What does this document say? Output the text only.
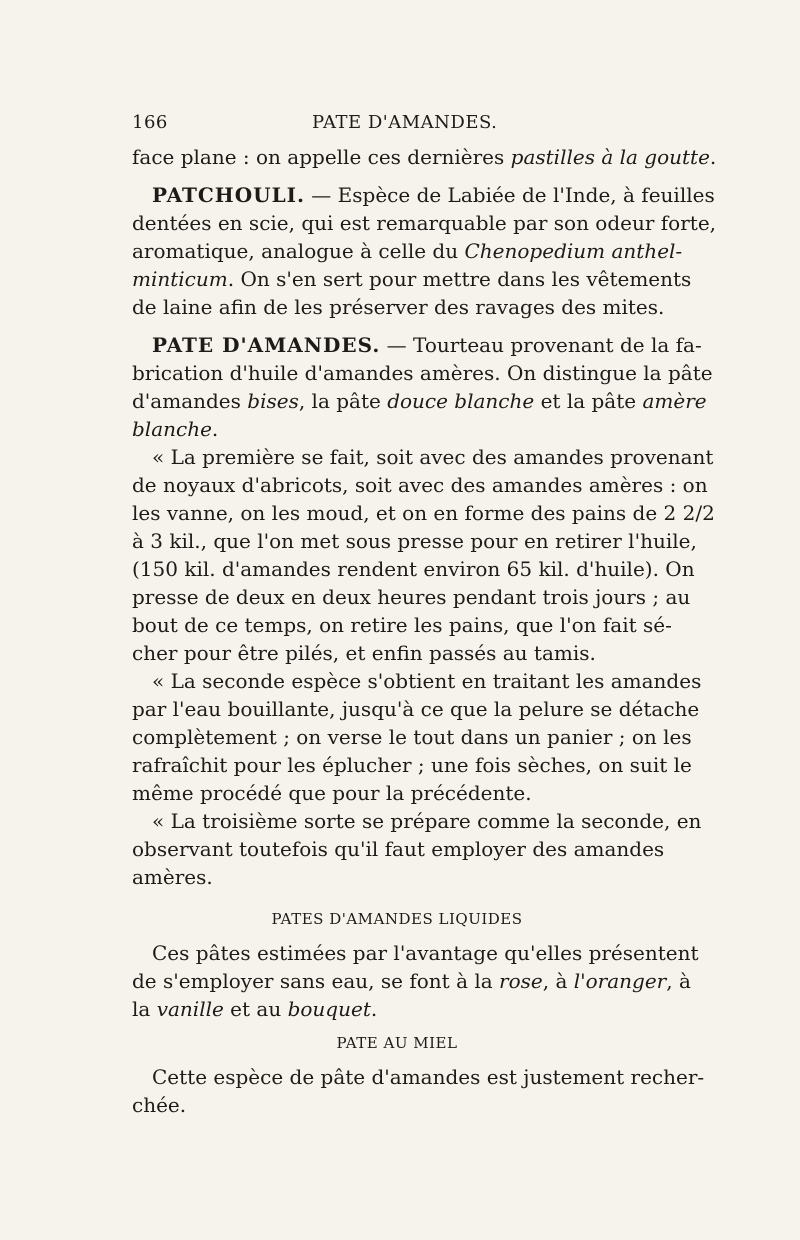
166	PATE D'AMANDES.
face plane : on appelle ces dernières pastilles à la goutte.
PATCHOULI. — Espèce de Labiée de l'Inde, à feuilles
dentées en scie, qui est remarquable par son odeur forte,
aromatique, analogue à celle du Chenopedium anthel-
minticum. On s'en sert pour mettre dans les vêtements
de laine afin de les préserver des ravages des mites.
PATE D'AMANDES. — Tourteau provenant de la fa-
brication d'huile d'amandes amères. On distingue la pâte
d'amandes bises, la pâte douce blanche et la pâte amère
blanche.
« La première se fait, soit avec des amandes provenant
de noyaux d'abricots, soit avec des amandes amères : on
les vanne, on les moud, et on en forme des pains de 2 2/2
à 3 kil., que l'on met sous presse pour en retirer l'huile,
(150 kil. d'amandes rendent environ 65 kil. d'huile). On
presse de deux en deux heures pendant trois jours ; au
bout de ce temps, on retire les pains, que l'on fait sé-
cher pour être pilés, et enfin passés au tamis.
« La seconde espèce s'obtient en traitant les amandes
par l'eau bouillante, jusqu'à ce que la pelure se détache
complètement ; on verse le tout dans un panier ; on les
rafraîchit pour les éplucher ; une fois sèches, on suit le
même procédé que pour la précédente.
« La troisième sorte se prépare comme la seconde, en
observant toutefois qu'il faut employer des amandes
amères.
PATES D'AMANDES LIQUIDES
Ces pâtes estimées par l'avantage qu'elles présentent
de s'employer sans eau, se font à la rose, à l'oranger, à
la vanille et au bouquet.
PATE AU MIEL
Cette espèce de pâte d'amandes est justement recher-
chée.
